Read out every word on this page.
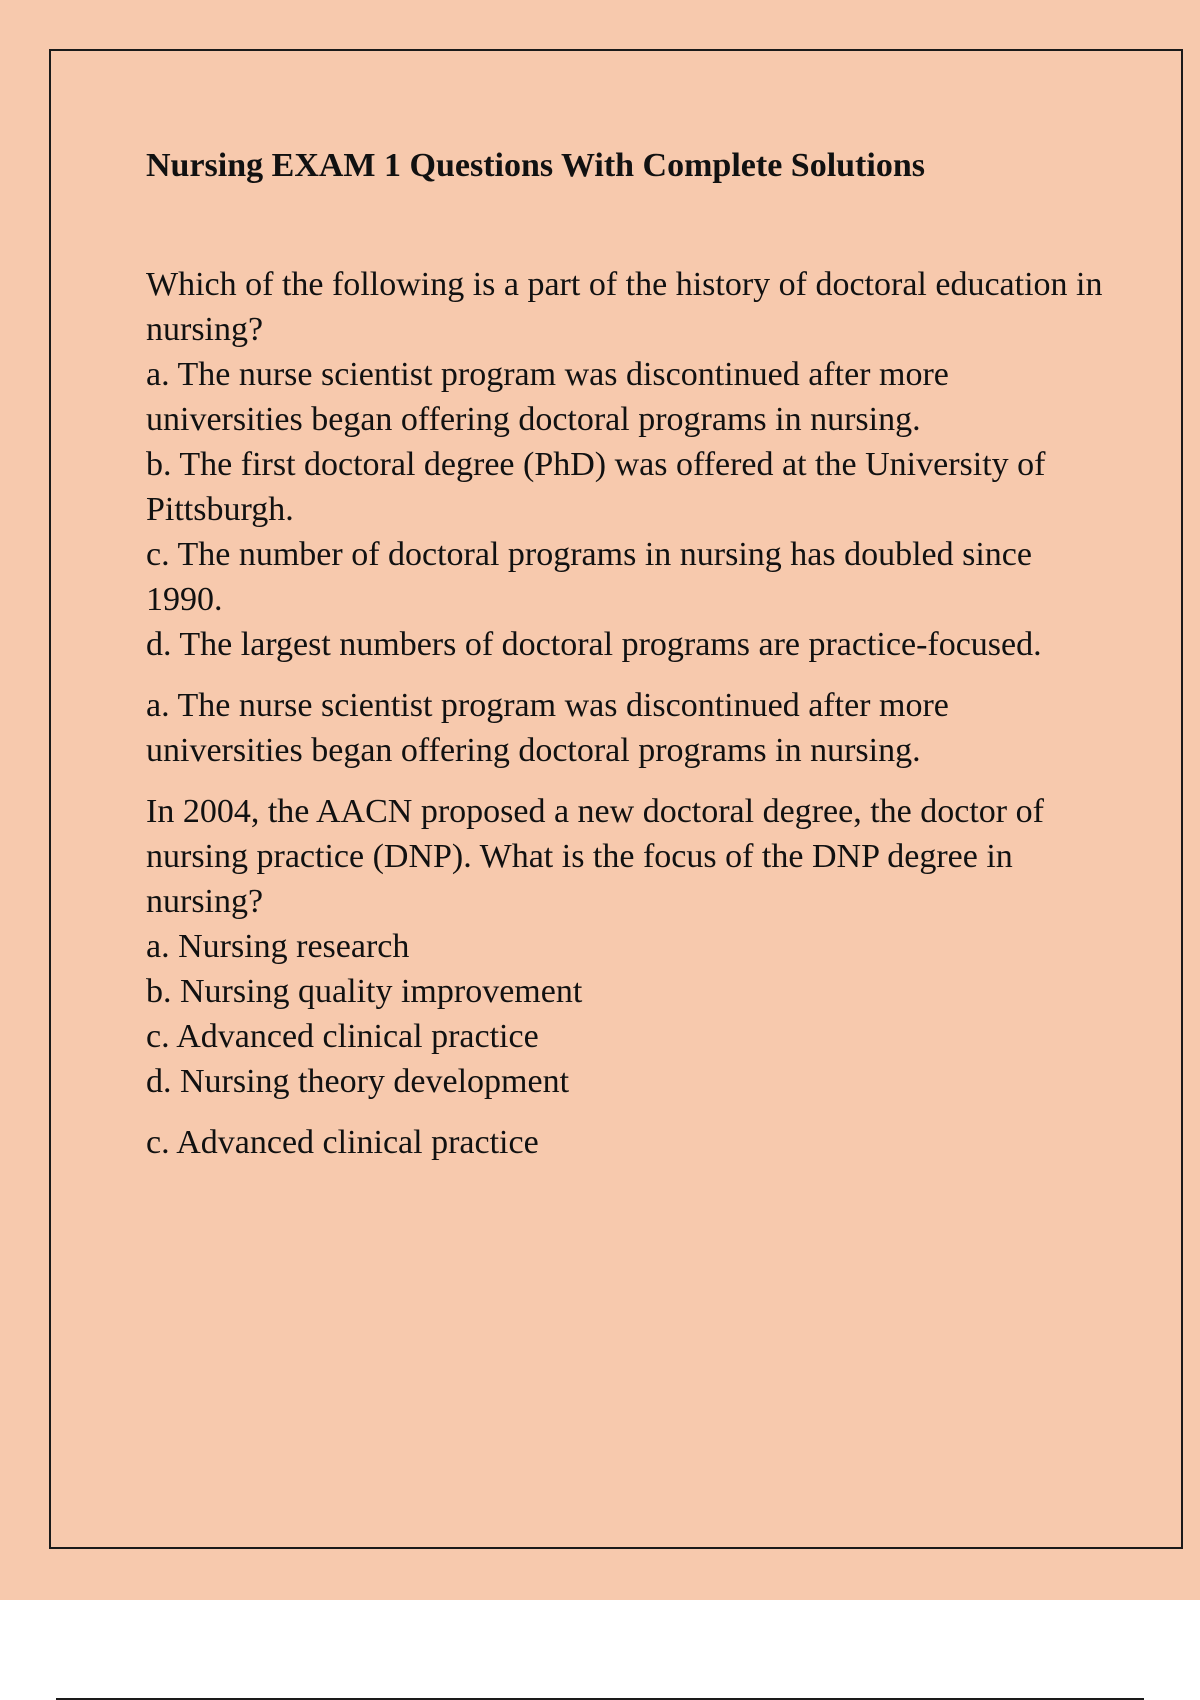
Nursing EXAM 1 Questions With Complete Solutions

Which of the following is a part of the history of doctoral education in nursing?

a. The nurse scientist program was discontinued after more universities began offering doctoral programs in nursing.

b. The first doctoral degree (PhD) was offered at the University of Pittsburgh.

c. The number of doctoral programs in nursing has doubled since 1990.

d. The largest numbers of doctoral programs are practice-focused.

a. The nurse scientist program was discontinued after more universities began offering doctoral programs in nursing.

In 2004, the AACN proposed a new doctoral degree, the doctor of nursing practice (DNP). What is the focus of the DNP degree in nursing?

a. Nursing research

b. Nursing quality improvement

c. Advanced clinical practice

d. Nursing theory development

c. Advanced clinical practice
